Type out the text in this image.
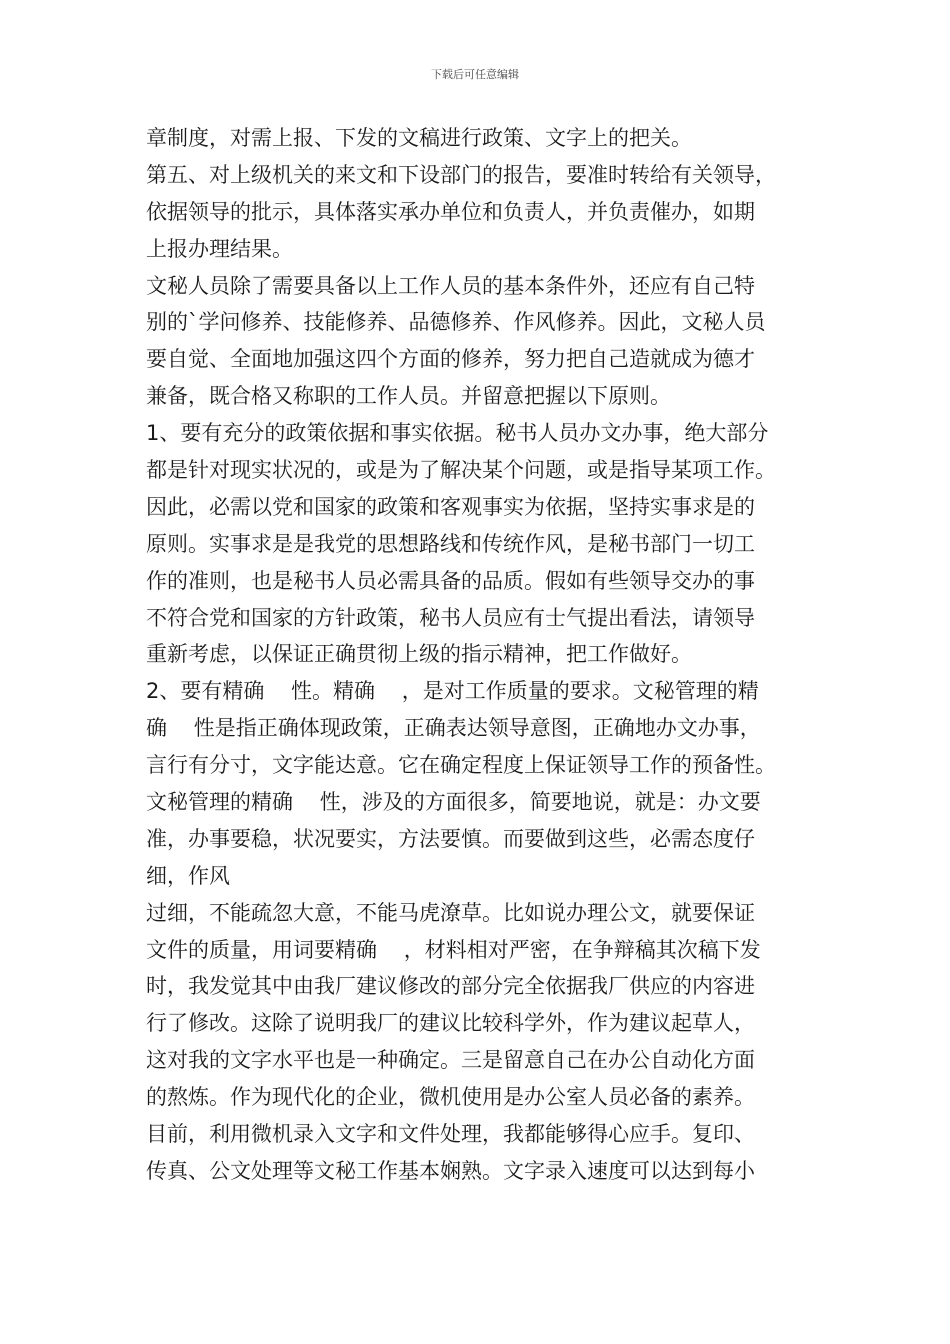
下载后可任意编辑
章制度，对需上报、下发的文稿进行政策、文字上的把关。
第五、对上级机关的来文和下设部门的报告，要准时转给有关领导，
依据领导的批示，具体落实承办单位和负责人，并负责催办，如期
上报办理结果。
文秘人员除了需要具备以上工作人员的基本条件外，还应有自己特
别的`学问修养、技能修养、品德修养、作风修养。因此，文秘人员
要自觉、全面地加强这四个方面的修养，努力把自己造就成为德才
兼备，既合格又称职的工作人员。并留意把握以下原则。
1、要有充分的政策依据和事实依据。秘书人员办文办事，绝大部分
都是针对现实状况的，或是为了解决某个问题，或是指导某项工作。
因此，必需以党和国家的政策和客观事实为依据，坚持实事求是的
原则。实事求是是我党的思想路线和传统作风，是秘书部门一切工
作的准则，也是秘书人员必需具备的品质。假如有些领导交办的事
不符合党和国家的方针政策，秘书人员应有士气提出看法，请领导
重新考虑，以保证正确贯彻上级的指示精神，把工作做好。
2、要有精确    性。精确    ，是对工作质量的要求。文秘管理的精
确    性是指正确体现政策，正确表达领导意图，正确地办文办事，
言行有分寸，文字能达意。它在确定程度上保证领导工作的预备性。
文秘管理的精确    性，涉及的方面很多，简要地说，就是：办文要
准，办事要稳，状况要实，方法要慎。而要做到这些，必需态度仔
细，作风
过细，不能疏忽大意，不能马虎潦草。比如说办理公文，就要保证
文件的质量，用词要精确    ，材料相对严密，在争辩稿其次稿下发
时，我发觉其中由我厂建议修改的部分完全依据我厂供应的内容进
行了修改。这除了说明我厂的建议比较科学外，作为建议起草人，
这对我的文字水平也是一种确定。三是留意自己在办公自动化方面
的熬炼。作为现代化的企业，微机使用是办公室人员必备的素养。
目前，利用微机录入文字和文件处理，我都能够得心应手。复印、
传真、公文处理等文秘工作基本娴熟。文字录入速度可以达到每小
